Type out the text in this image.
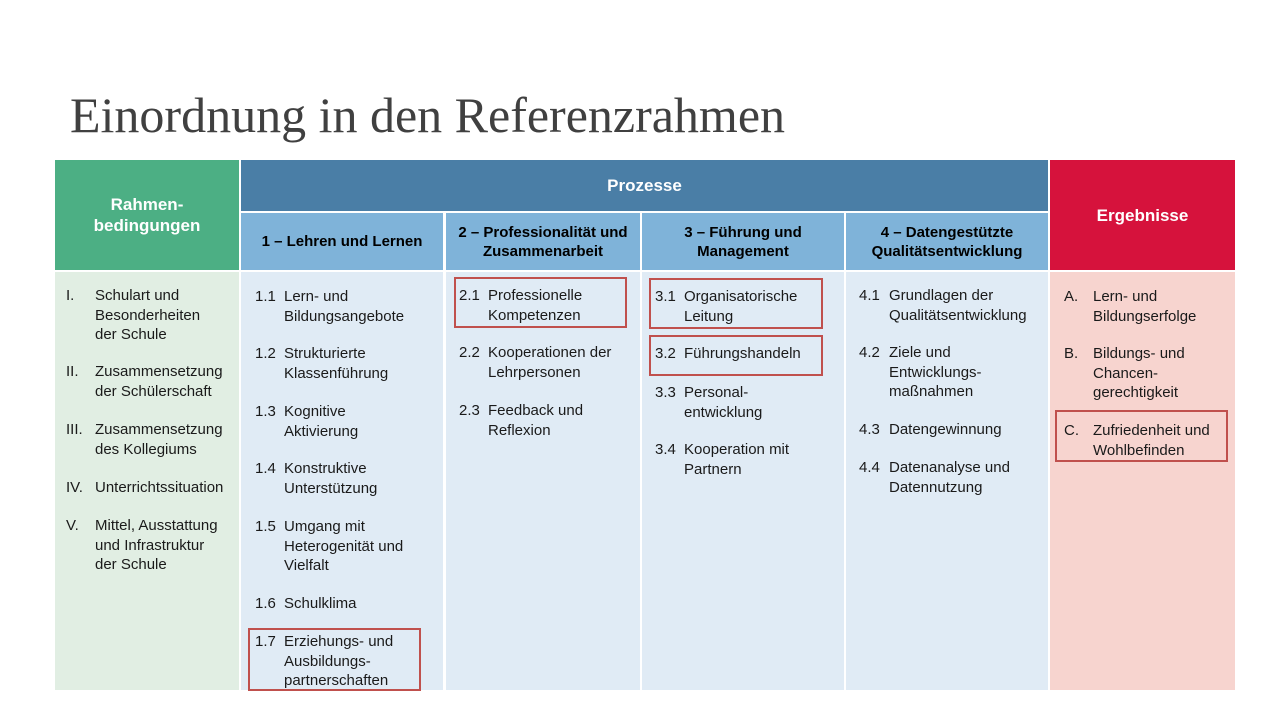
Einordnung in den Referenzrahmen
Rahmen-
bedingungen
Prozesse
Ergebnisse
1 – Lehren und Lernen
2 – Professionalität und
Zusammenarbeit
3 – Führung und
Management
4 – Datengestützte
Qualitätsentwicklung
I. Schulart und
Besonderheiten
der Schule
II. Zusammensetzung
der Schülerschaft
III. Zusammensetzung
des Kollegiums
IV. Unterrichtssituation
V. Mittel, Ausstattung
und Infrastruktur
der Schule
1.1 Lern- und
Bildungsangebote
1.2 Strukturierte
Klassenführung
1.3 Kognitive
Aktivierung
1.4 Konstruktive
Unterstützung
1.5 Umgang mit
Heterogenität und
Vielfalt
1.6 Schulklima
1.7 Erziehungs- und
Ausbildungs-
partnerschaften
2.1 Professionelle
Kompetenzen
2.2 Kooperationen der
Lehrpersonen
2.3 Feedback und
Reflexion
3.1 Organisatorische
Leitung
3.2 Führungshandeln
3.3 Personal-
entwicklung
3.4 Kooperation mit
Partnern
4.1 Grundlagen der
Qualitätsentwicklung
4.2 Ziele und
Entwicklungs-
maßnahmen
4.3 Datengewinnung
4.4 Datenanalyse und
Datennutzung
A. Lern- und
Bildungserfolge
B. Bildungs- und
Chancen-
gerechtigkeit
C. Zufriedenheit und
Wohlbefinden
